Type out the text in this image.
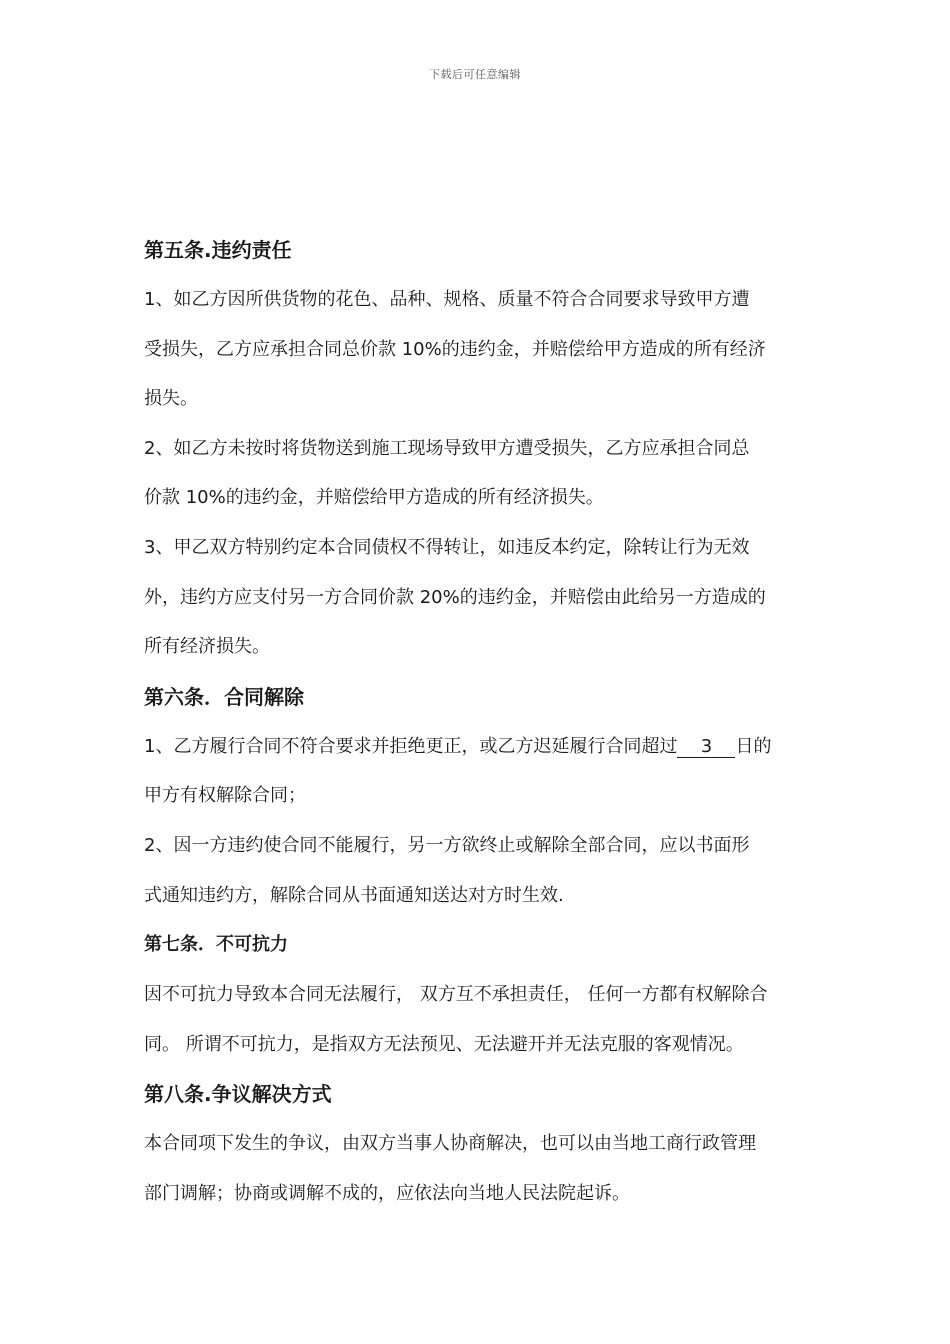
下载后可任意编辑
第五条.违约责任
1、如乙方因所供货物的花色、品种、规格、质量不符合合同要求导致甲方遭
受损失，乙方应承担合同总价款 10%的违约金，并赔偿给甲方造成的所有经济
损失。
2、如乙方未按时将货物送到施工现场导致甲方遭受损失，乙方应承担合同总
价款 10%的违约金，并赔偿给甲方造成的所有经济损失。
3、甲乙双方特别约定本合同债权不得转让，如违反本约定，除转让行为无效
外，违约方应支付另一方合同价款 20%的违约金，并赔偿由此给另一方造成的
所有经济损失。
第六条．合同解除
1、乙方履行合同不符合要求并拒绝更正，或乙方迟延履行合同超过 3 日的
甲方有权解除合同；
2、因一方违约使合同不能履行，另一方欲终止或解除全部合同，应以书面形
式通知违约方，解除合同从书面通知送达对方时生效.
第七条．不可抗力
因不可抗力导致本合同无法履行， 双方互不承担责任， 任何一方都有权解除合
同。 所谓不可抗力，是指双方无法预见、无法避开并无法克服的客观情况。
第八条.争议解决方式
本合同项下发生的争议，由双方当事人协商解决，也可以由当地工商行政管理
部门调解；协商或调解不成的，应依法向当地人民法院起诉。
